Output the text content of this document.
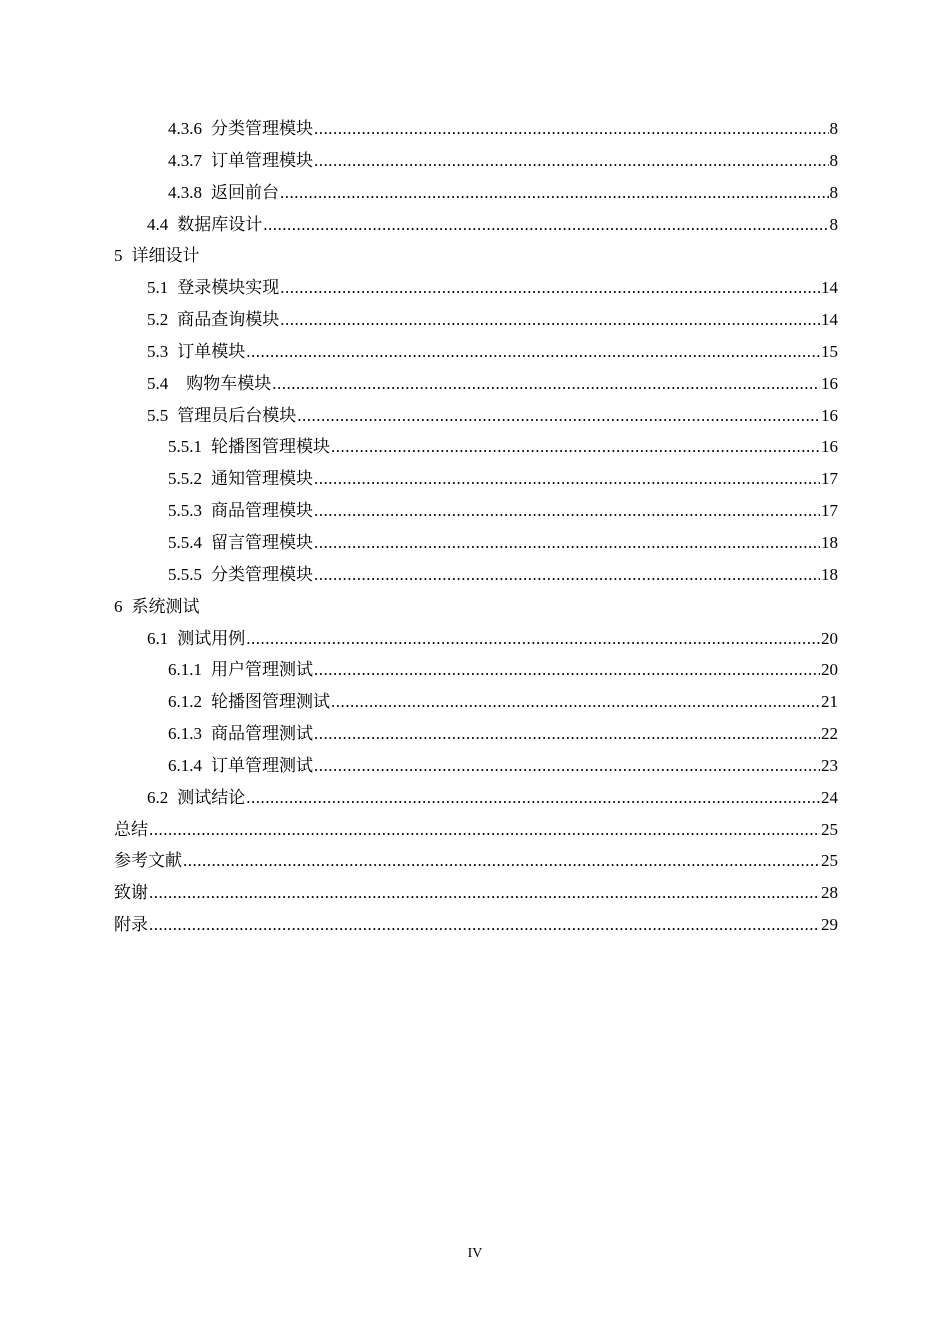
4.3.6 分类管理模块 .....	8
4.3.7 订单管理模块 .....	8
4.3.8 返回前台 .....	8
4.4 数据库设计 .....	8
5 详细设计
5.1 登录模块实现 .....	14
5.2 商品查询模块 .....	14
5.3 订单模块 .....	15
5.4 购物车模块 .....	16
5.5 管理员后台模块 .....	16
5.5.1 轮播图管理模块 .....	16
5.5.2 通知管理模块 .....	17
5.5.3 商品管理模块 .....	17
5.5.4 留言管理模块 .....	18
5.5.5 分类管理模块 .....	18
6 系统测试
6.1 测试用例 .....	20
6.1.1 用户管理测试 .....	20
6.1.2 轮播图管理测试 .....	21
6.1.3 商品管理测试 .....	22
6.1.4 订单管理测试 .....	23
6.2 测试结论 .....	24
总结 .....	25
参考文献 .....	25
致谢 .....	28
附录 .....	29
IV
